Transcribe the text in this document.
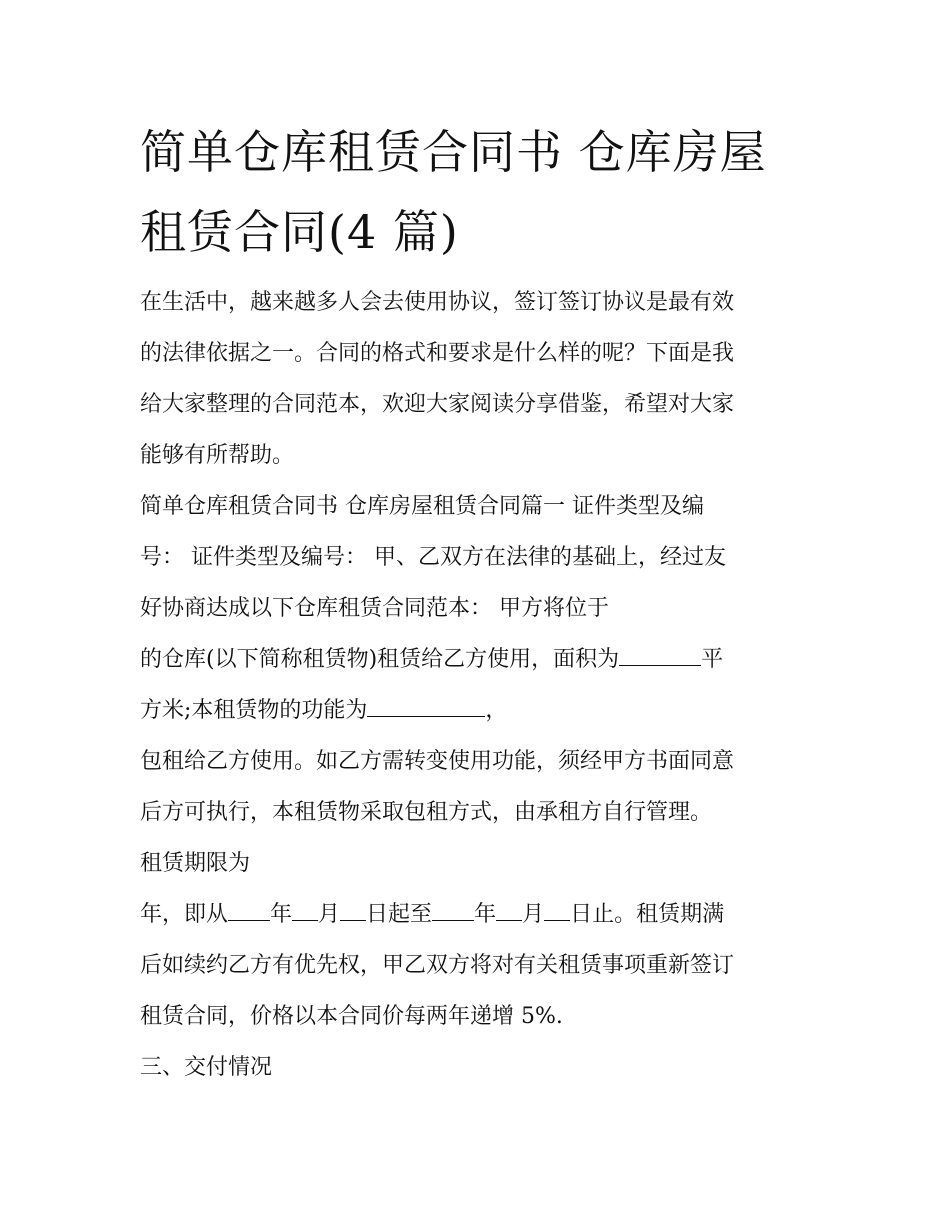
简单仓库租赁合同书 仓库房屋
租赁合同(4 篇)
在生活中，越来越多人会去使用协议，签订签订协议是最有效
的法律依据之一。合同的格式和要求是什么样的呢？下面是我
给大家整理的合同范本，欢迎大家阅读分享借鉴，希望对大家
能够有所帮助。
简单仓库租赁合同书 仓库房屋租赁合同篇一 证件类型及编
号： 证件类型及编号： 甲、乙双方在法律的基础上，经过友
好协商达成以下仓库租赁合同范本： 甲方将位于
的仓库(以下简称租赁物)租赁给乙方使用，面积为	平
方米;本租赁物的功能为	，
包租给乙方使用。如乙方需转变使用功能，须经甲方书面同意
后方可执行，本租赁物采取包租方式，由承租方自行管理。
租赁期限为
年，即从 年 月 日起至 年 月 日止。租赁期满
后如续约乙方有优先权，甲乙双方将对有关租赁事项重新签订
租赁合同，价格以本合同价每两年递增 5%.
三、交付情况
